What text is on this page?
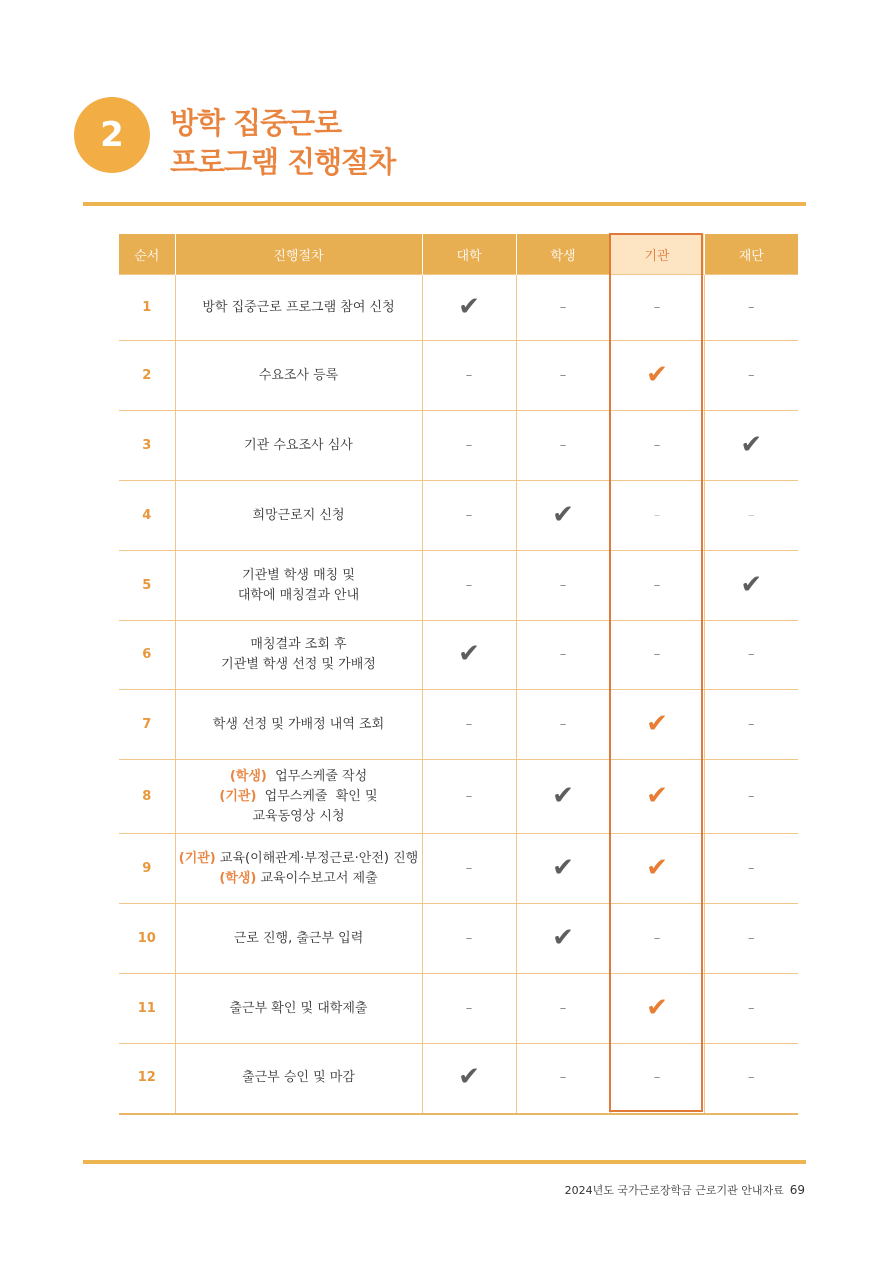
2 방학 집중근로
프로그램 진행절차
순서	진행절차	대학	학생	기관	재단
1	방학 집중근로 프로그램 참여 신청	✔	–	–	–
2	수요조사 등록	–	–	✔	–
3	기관 수요조사 심사	–	–	–	✔
4	희망근로지 신청	–	✔	–	–
5	기관별 학생 매칭 및
대학에 매칭결과 안내	–	–	–	✔
6	매칭결과 조회 후
기관별 학생 선정 및 가배정	✔	–	–	–
7	학생 선정 및 가배정 내역 조회	–	–	✔	–
8	(학생)  업무스케줄 작성
(기관)  업무스케줄  확인 및
교육동영상 시청	–	✔	✔	–
9	(기관) 교육(이해관계·부정근로·안전) 진행
(학생) 교육이수보고서 제출	–	✔	✔	–
10	근로 진행, 출근부 입력	–	✔	–	–
11	출근부 확인 및 대학제출	–	–	✔	–
12	출근부 승인 및 마감	✔	–	–	–
2024년도 국가근로장학금 근로기관 안내자료 69
